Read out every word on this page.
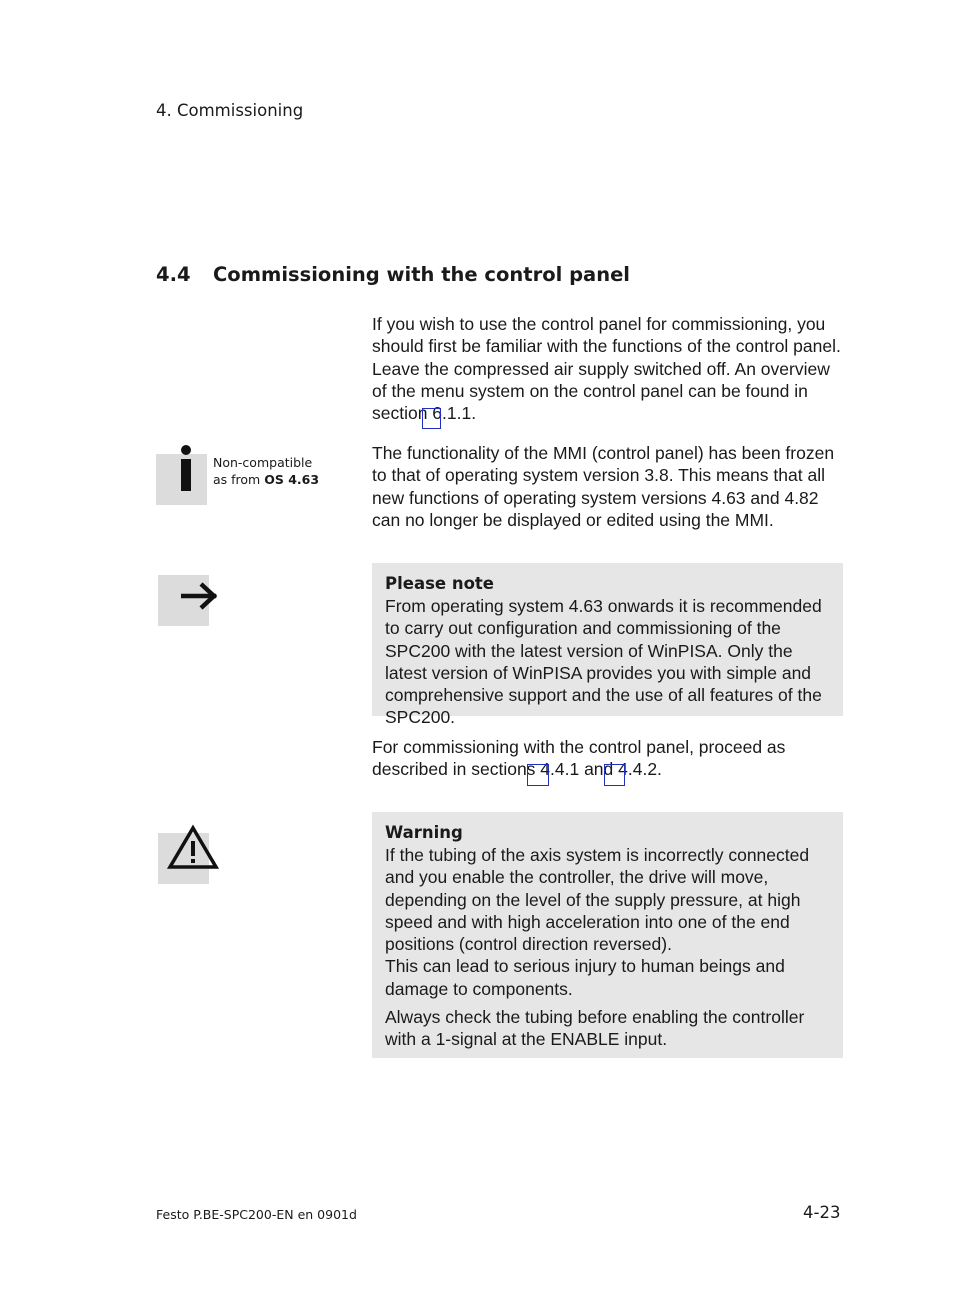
4. Commissioning
4.4 Commissioning with the control panel

If you wish to use the control panel for commissioning, you should first be familiar with the functions of the control panel. Leave the compressed air supply switched off. An overview of the menu system on the control panel can be found in section 6.1.1.

Non-compatible
as from OS 4.63

The functionality of the MMI (control panel) has been frozen to that of operating system version 3.8. This means that all new functions of operating system versions 4.63 and 4.82 can no longer be displayed or edited using the MMI.

Please note

From operating system 4.63 onwards it is recommended to carry out configuration and commissioning of the SPC200 with the latest version of WinPISA. Only the latest version of WinPISA provides you with simple and comprehensive support and the use of all features of the SPC200.

For commissioning with the control panel, proceed as described in sections 4.4.1 and 4.4.2.

Warning

If the tubing of the axis system is incorrectly connected and you enable the controller, the drive will move, depending on the level of the supply pressure, at high speed and with high acceleration into one of the end positions (control direction reversed).

This can lead to serious injury to human beings and damage to components.

Always check the tubing before enabling the controller with a 1-signal at the ENABLE input.

Festo P.BE-SPC200-EN en 0901d	4-23
